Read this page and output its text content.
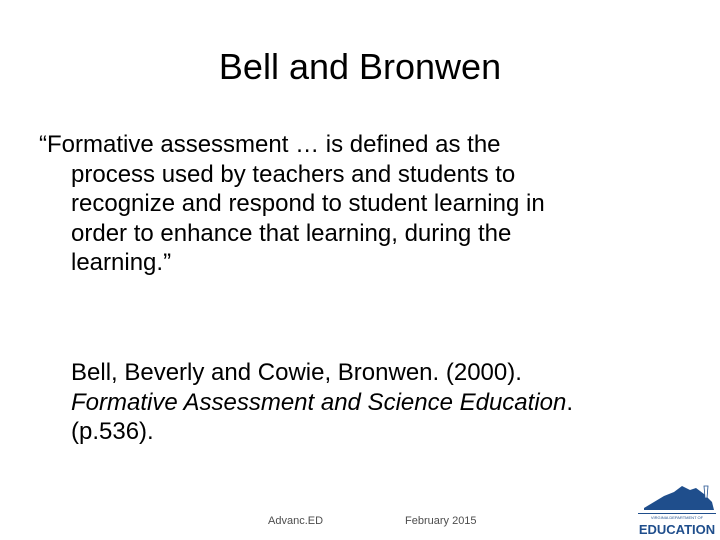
Bell and Bronwen
“Formative assessment … is defined as the
process used by teachers and students to
recognize and respond to student learning in
order to enhance that learning, during the
learning.”
Bell, Beverly and Cowie, Bronwen. (2000).
Formative Assessment and Science Education.
(p.536).
Advanc.ED	February 2015	VIRGINIA DEPARTMENT OF
EDUCATION
